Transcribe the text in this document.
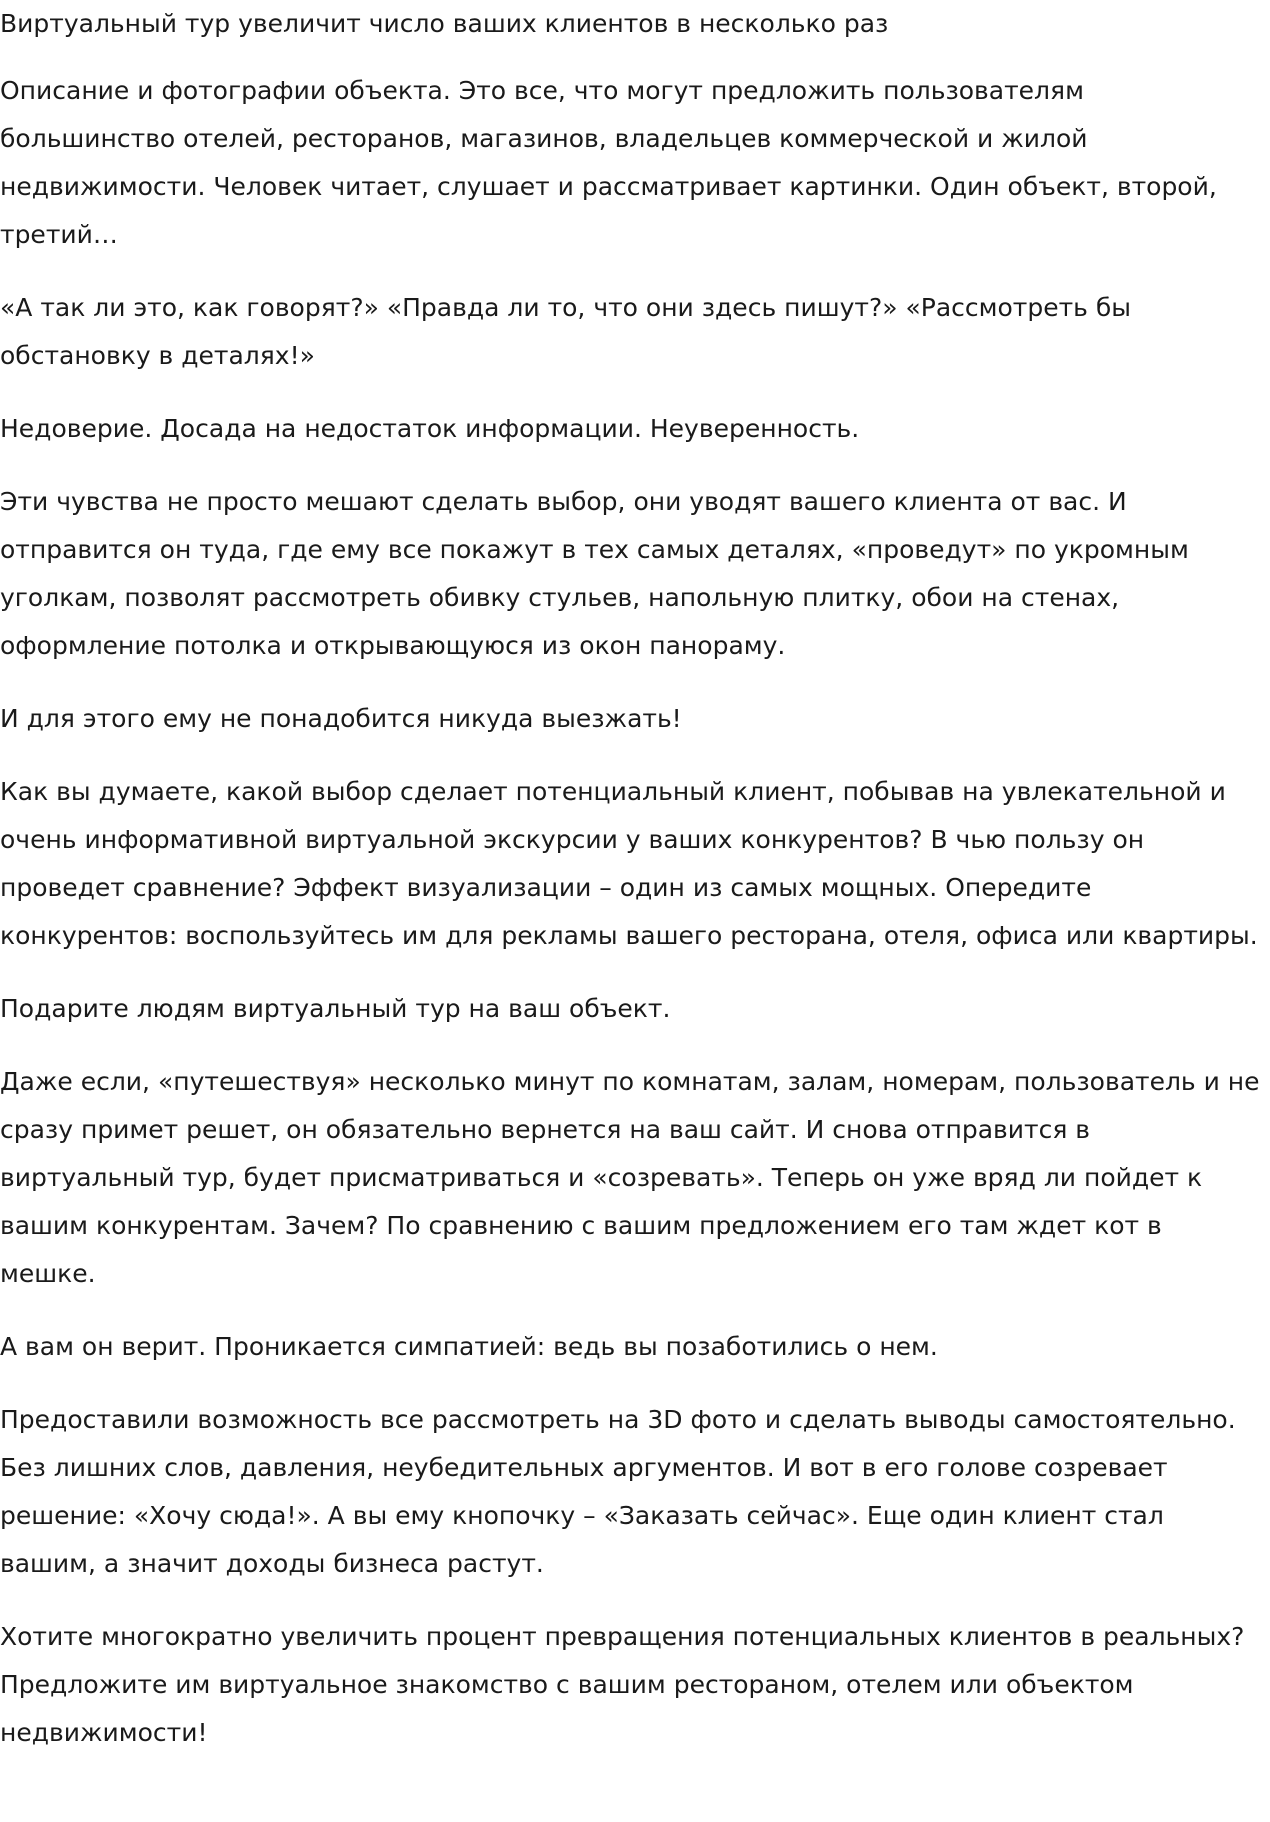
Виртуальный тур увеличит число ваших клиентов в несколько раз

Описание и фотографии объекта. Это все, что могут предложить пользователям большинство отелей, ресторанов, магазинов, владельцев коммерческой и жилой недвижимости. Человек читает, слушает и рассматривает картинки. Один объект, второй, третий…

«А так ли это, как говорят?» «Правда ли то, что они здесь пишут?» «Рассмотреть бы обстановку в деталях!»

Недоверие. Досада на недостаток информации. Неуверенность.

Эти чувства не просто мешают сделать выбор, они уводят вашего клиента от вас. И отправится он туда, где ему все покажут в тех самых деталях, «проведут» по укромным уголкам, позволят рассмотреть обивку стульев, напольную плитку, обои на стенах, оформление потолка и открывающуюся из окон панораму.

И для этого ему не понадобится никуда выезжать!

Как вы думаете, какой выбор сделает потенциальный клиент, побывав на увлекательной и очень информативной виртуальной экскурсии у ваших конкурентов? В чью пользу он проведет сравнение? Эффект визуализации – один из самых мощных. Опередите конкурентов: воспользуйтесь им для рекламы вашего ресторана, отеля, офиса или квартиры.

Подарите людям виртуальный тур на ваш объект.

Даже если, «путешествуя» несколько минут по комнатам, залам, номерам, пользователь и не сразу примет решет, он обязательно вернется на ваш сайт. И снова отправится в виртуальный тур, будет присматриваться и «созревать». Теперь он уже вряд ли пойдет к вашим конкурентам. Зачем? По сравнению с вашим предложением его там ждет кот в мешке.

А вам он верит. Проникается симпатией: ведь вы позаботились о нем.

Предоставили возможность все рассмотреть на 3D фото и сделать выводы самостоятельно. Без лишних слов, давления, неубедительных аргументов. И вот в его голове созревает решение: «Хочу сюда!». А вы ему кнопочку – «Заказать сейчас». Еще один клиент стал вашим, а значит доходы бизнеса растут.

Хотите многократно увеличить процент превращения потенциальных клиентов в реальных? Предложите им виртуальное знакомство с вашим рестораном, отелем или объектом недвижимости!
